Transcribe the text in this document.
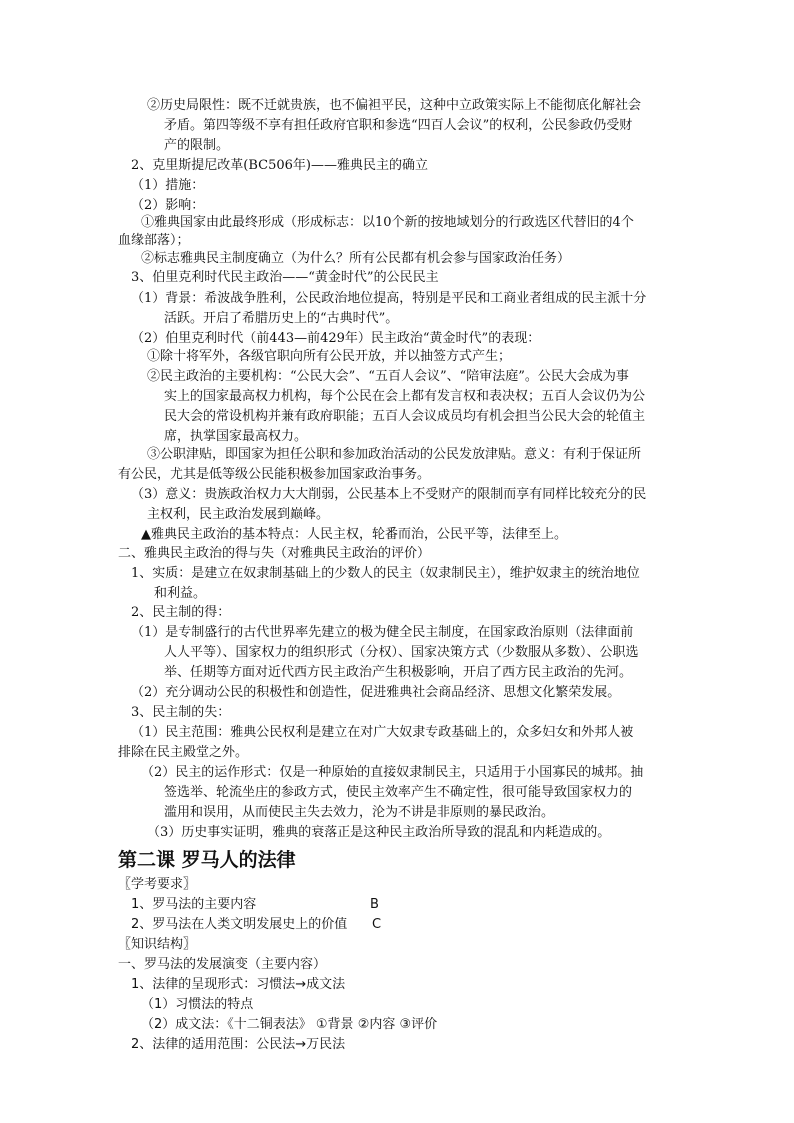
②历史局限性：既不迁就贵族，也不偏袒平民，这种中立政策实际上不能彻底化解社会
矛盾。第四等级不享有担任政府官职和参选“四百人会议”的权利，公民参政仍受财
产的限制。
2、克里斯提尼改革(BC506年)——雅典民主的确立
（1）措施：
（2）影响：
①雅典国家由此最终形成（形成标志：以10个新的按地域划分的行政选区代替旧的4个
血缘部落）；
②标志雅典民主制度确立（为什么？所有公民都有机会参与国家政治任务）
3、伯里克利时代民主政治——“黄金时代”的公民民主
（1）背景：希波战争胜利，公民政治地位提高，特别是平民和工商业者组成的民主派十分
活跃。开启了希腊历史上的“古典时代”。
（2）伯里克利时代（前443—前429年）民主政治“黄金时代”的表现：
①除十将军外，各级官职向所有公民开放，并以抽签方式产生；
②民主政治的主要机构：“公民大会”、“五百人会议”、“陪审法庭”。公民大会成为事
实上的国家最高权力机构，每个公民在会上都有发言权和表决权；五百人会议仍为公
民大会的常设机构并兼有政府职能；五百人会议成员均有机会担当公民大会的轮值主
席，执掌国家最高权力。
③公职津贴，即国家为担任公职和参加政治活动的公民发放津贴。意义：有利于保证所
有公民，尤其是低等级公民能积极参加国家政治事务。
（3）意义：贵族政治权力大大削弱，公民基本上不受财产的限制而享有同样比较充分的民
主权利，民主政治发展到巅峰。
▲雅典民主政治的基本特点：人民主权，轮番而治，公民平等，法律至上。
二、雅典民主政治的得与失（对雅典民主政治的评价）
1、实质：是建立在奴隶制基础上的少数人的民主（奴隶制民主），维护奴隶主的统治地位
和利益。
2、民主制的得：
（1）是专制盛行的古代世界率先建立的极为健全民主制度，在国家政治原则（法律面前
人人平等）、国家权力的组织形式（分权）、国家决策方式（少数服从多数）、公职选
举、任期等方面对近代西方民主政治产生积极影响，开启了西方民主政治的先河。
（2）充分调动公民的积极性和创造性，促进雅典社会商品经济、思想文化繁荣发展。
3、民主制的失：
（1）民主范围：雅典公民权利是建立在对广大奴隶专政基础上的，众多妇女和外邦人被
排除在民主殿堂之外。
（2）民主的运作形式：仅是一种原始的直接奴隶制民主，只适用于小国寡民的城邦。抽
签选举、轮流坐庄的参政方式，使民主效率产生不确定性，很可能导致国家权力的
滥用和误用，从而使民主失去效力，沦为不讲是非原则的暴民政治。
（3）历史事实证明，雅典的衰落正是这种民主政治所导致的混乱和内耗造成的。
第二课 罗马人的法律
〖学考要求〗
1、罗马法的主要内容	B
2、罗马法在人类文明发展史上的价值 C
〖知识结构〗
一、罗马法的发展演变（主要内容）
1、法律的呈现形式：习惯法→成文法
（1）习惯法的特点
（2）成文法：《十二铜表法》 ①背景 ②内容 ③评价
2、法律的适用范围：公民法→万民法
